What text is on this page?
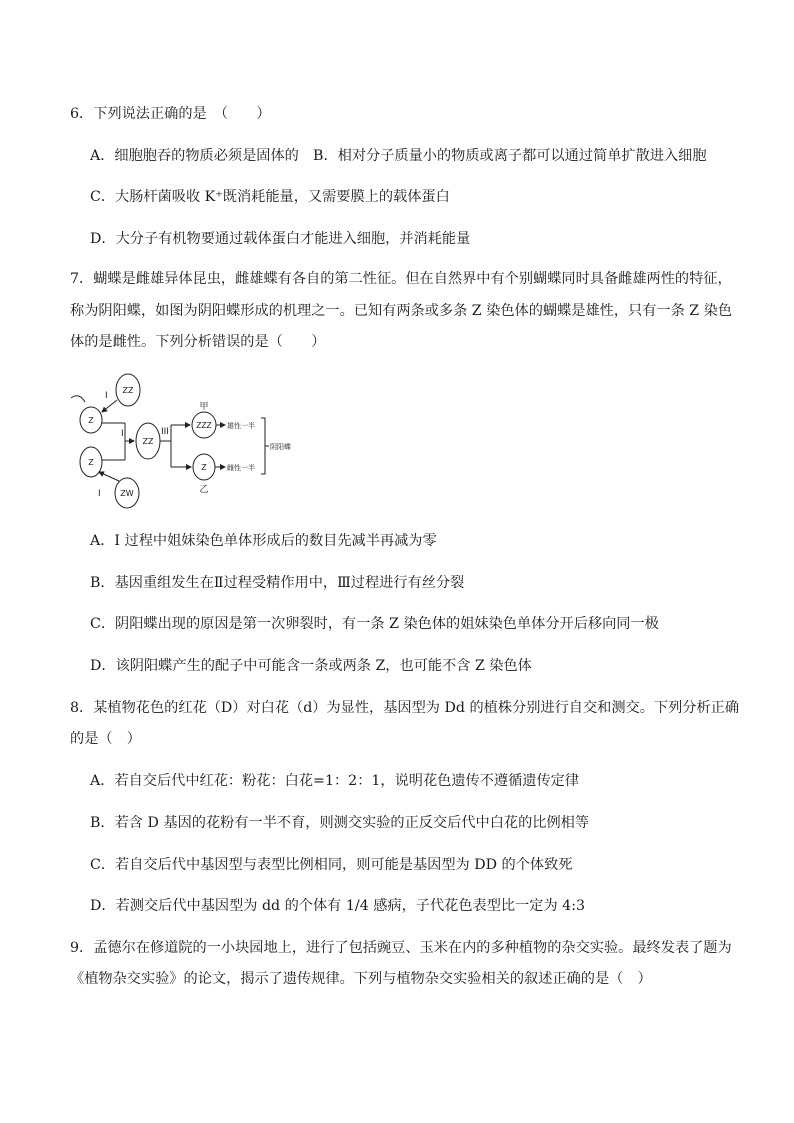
6．下列说法正确的是　（　　）
A．细胞胞吞的物质必须是固体的　B．相对分子质量小的物质或离子都可以通过简单扩散进入细胞
C．大肠杆菌吸收 K⁺既消耗能量，又需要膜上的载体蛋白
D．大分子有机物要通过载体蛋白才能进入细胞，并消耗能量
7．蝴蝶是雌雄异体昆虫，雌雄蝶有各自的第二性征。但在自然界中有个别蝴蝶同时具备雌雄两性的特征，
称为阴阳蝶，如图为阴阳蝶形成的机理之一。已知有两条或多条 Z 染色体的蝴蝶是雄性，只有一条 Z 染色
体的是雌性。下列分析错误的是（　　）
I
I
II	III
ZZ
Z
Z
ZW
ZZ
ZZZ
Z
甲
乙
雄性一半
雌性一半
阴阳蝶
A．I 过程中姐妹染色单体形成后的数目先减半再减为零
B．基因重组发生在Ⅱ过程受精作用中，Ⅲ过程进行有丝分裂
C．阴阳蝶出现的原因是第一次卵裂时，有一条 Z 染色体的姐妹染色单体分开后移向同一极
D．该阴阳蝶产生的配子中可能含一条或两条 Z，也可能不含 Z 染色体
8．某植物花色的红花（D）对白花（d）为显性，基因型为 Dd 的植株分别进行自交和测交。下列分析正确
的是（　）
A．若自交后代中红花：粉花：白花=1：2：1，说明花色遗传不遵循遗传定律
B．若含 D 基因的花粉有一半不育，则测交实验的正反交后代中白花的比例相等
C．若自交后代中基因型与表型比例相同，则可能是基因型为 DD 的个体致死
D．若测交后代中基因型为 dd 的个体有 1/4 感病，子代花色表型比一定为 4:3
9．孟德尔在修道院的一小块园地上，进行了包括豌豆、玉米在内的多种植物的杂交实验。最终发表了题为
《植物杂交实验》的论文，揭示了遗传规律。下列与植物杂交实验相关的叙述正确的是（　）
